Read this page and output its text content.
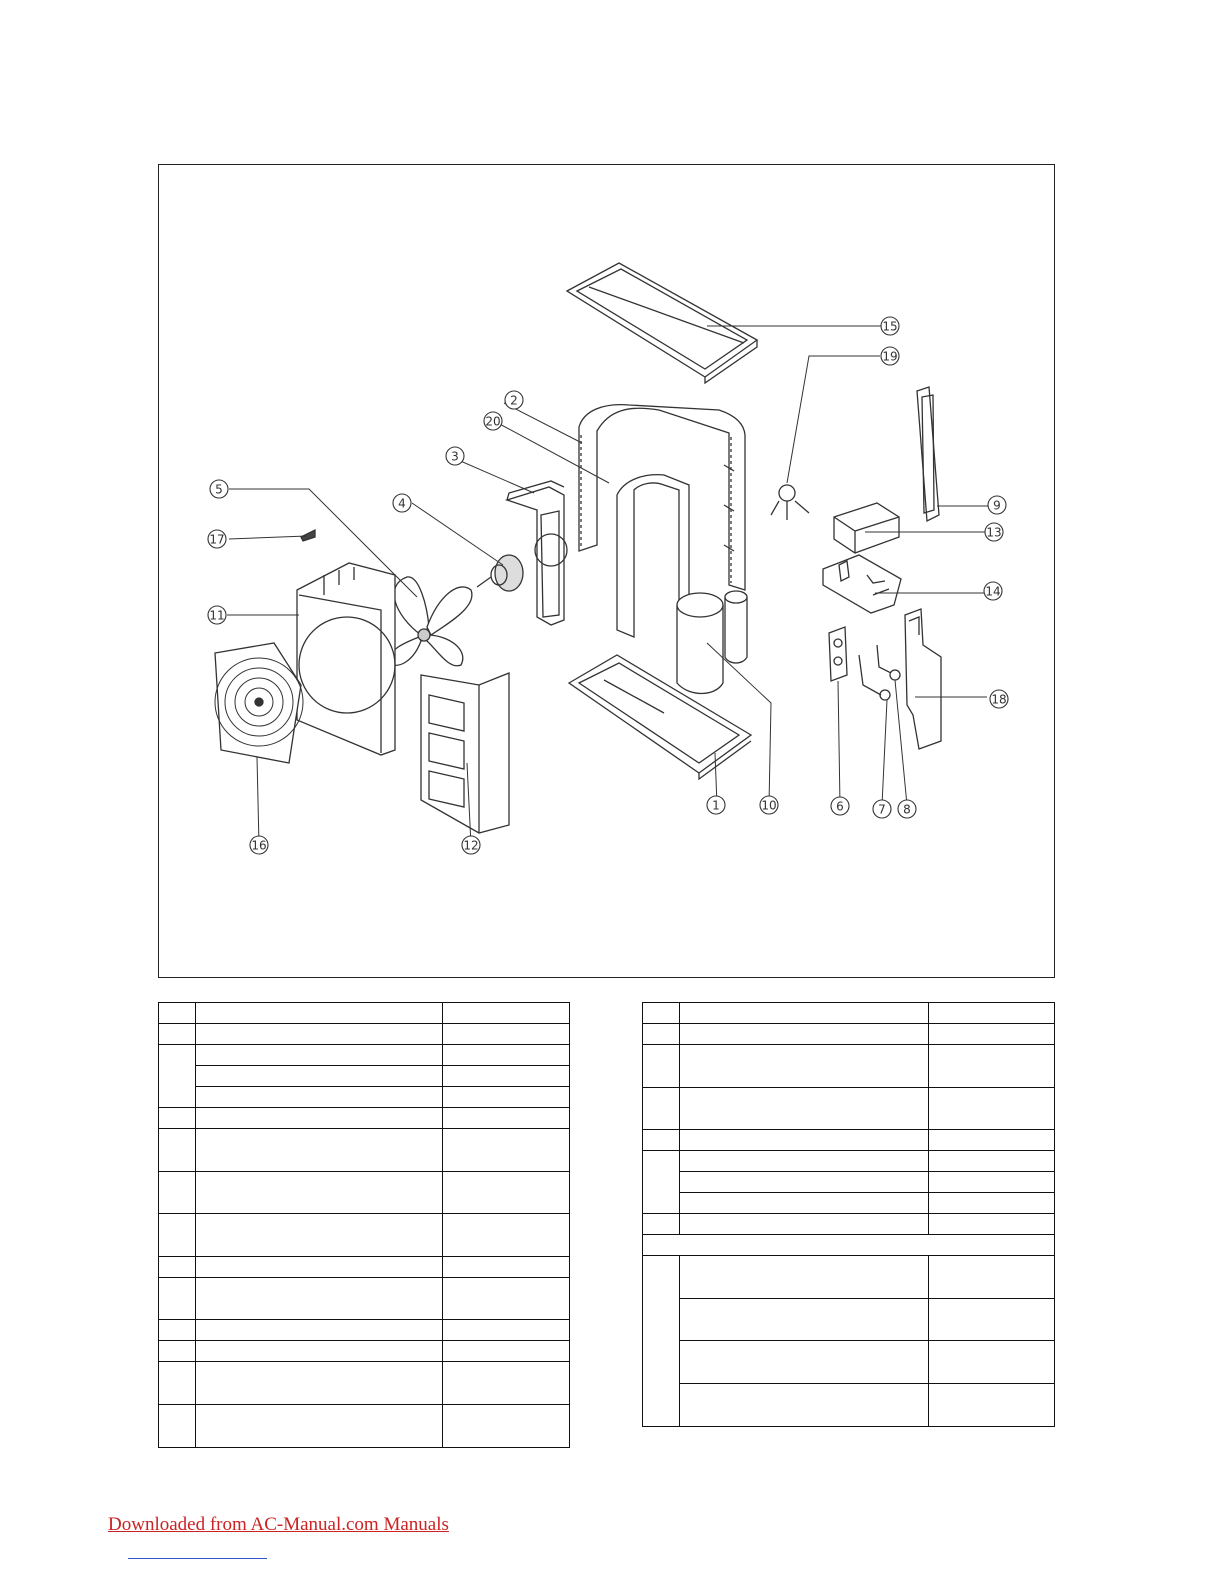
1
2
3
4
5
6	7 8
9
10
11
12
13
14
15
16
17
18
19
20

Downloaded from AC-Manual.com Manuals
